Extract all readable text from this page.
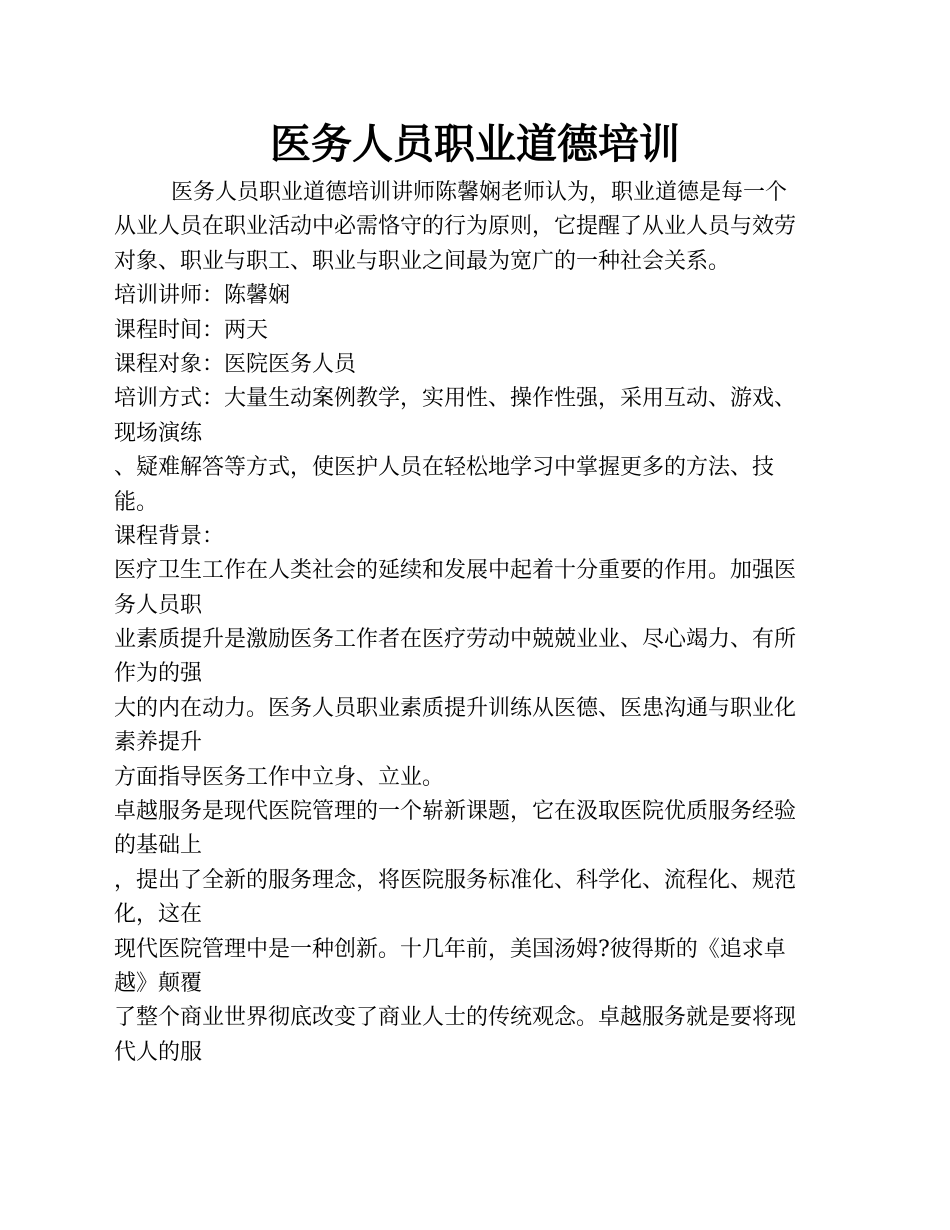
医务人员职业道德培训
医务人员职业道德培训讲师陈馨娴老师认为，职业道德是每一个
从业人员在职业活动中必需恪守的行为原则，它提醒了从业人员与效劳
对象、职业与职工、职业与职业之间最为宽广的一种社会关系。
培训讲师：陈馨娴
课程时间：两天
课程对象：医院医务人员
培训方式：大量生动案例教学，实用性、操作性强，采用互动、游戏、
现场演练
、疑难解答等方式，使医护人员在轻松地学习中掌握更多的方法、技
能。
课程背景：
医疗卫生工作在人类社会的延续和发展中起着十分重要的作用。加强医
务人员职
业素质提升是激励医务工作者在医疗劳动中兢兢业业、尽心竭力、有所
作为的强
大的内在动力。医务人员职业素质提升训练从医德、医患沟通与职业化
素养提升
方面指导医务工作中立身、立业。
卓越服务是现代医院管理的一个崭新课题，它在汲取医院优质服务经验
的基础上
，提出了全新的服务理念，将医院服务标准化、科学化、流程化、规范
化，这在
现代医院管理中是一种创新。十几年前，美国汤姆?彼得斯的《追求卓
越》颠覆
了整个商业世界彻底改变了商业人士的传统观念。卓越服务就是要将现
代人的服
